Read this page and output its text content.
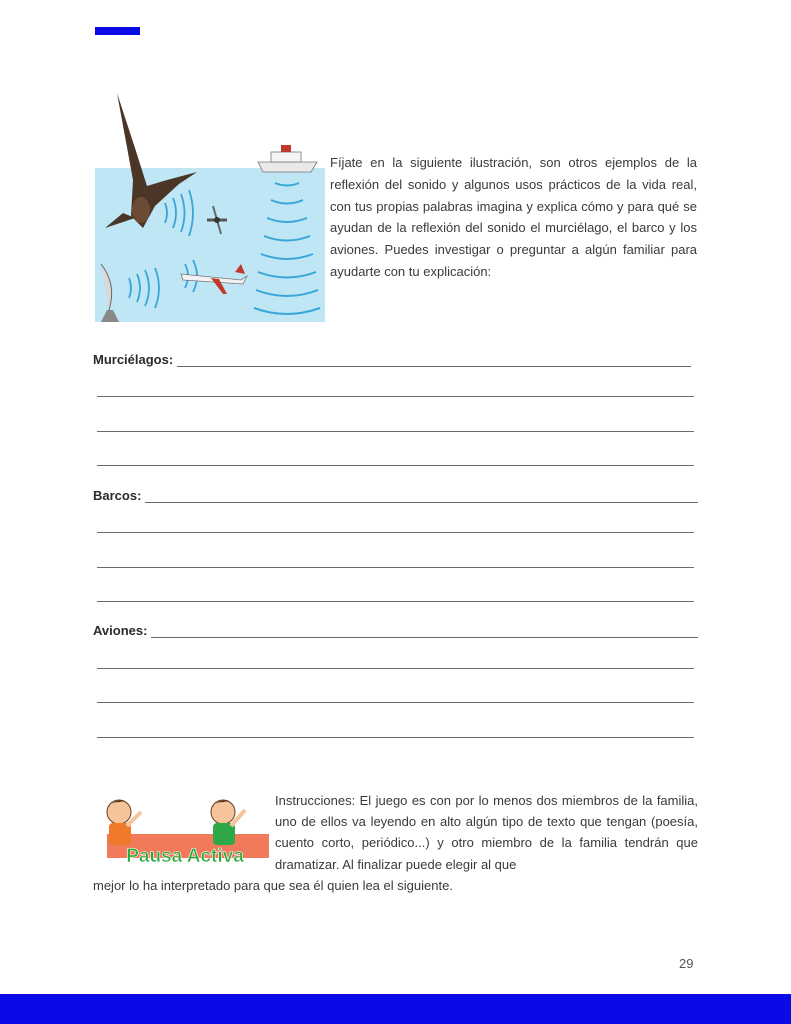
Fíjate en la siguiente ilustración, son otros ejemplos de la reflexión del sonido y algunos usos prácticos de la vida real, con tus propias palabras imagina y explica cómo y para qué se ayudan de la reflexión del sonido el murciélago, el barco y los aviones. Puedes investigar o preguntar a algún familiar para ayudarte con tu explicación:
Murciélagos:
Barcos:
Aviones:
Pausa Activa
Instrucciones: El juego es con por lo menos dos miembros de la familia, uno de ellos va leyendo en alto algún tipo de texto que tengan (poesía, cuento corto, periódico...) y otro miembro de la familia tendrán que dramatizar. Al finalizar puede elegir al que
mejor lo ha interpretado para que sea él quien lea el siguiente.
29
